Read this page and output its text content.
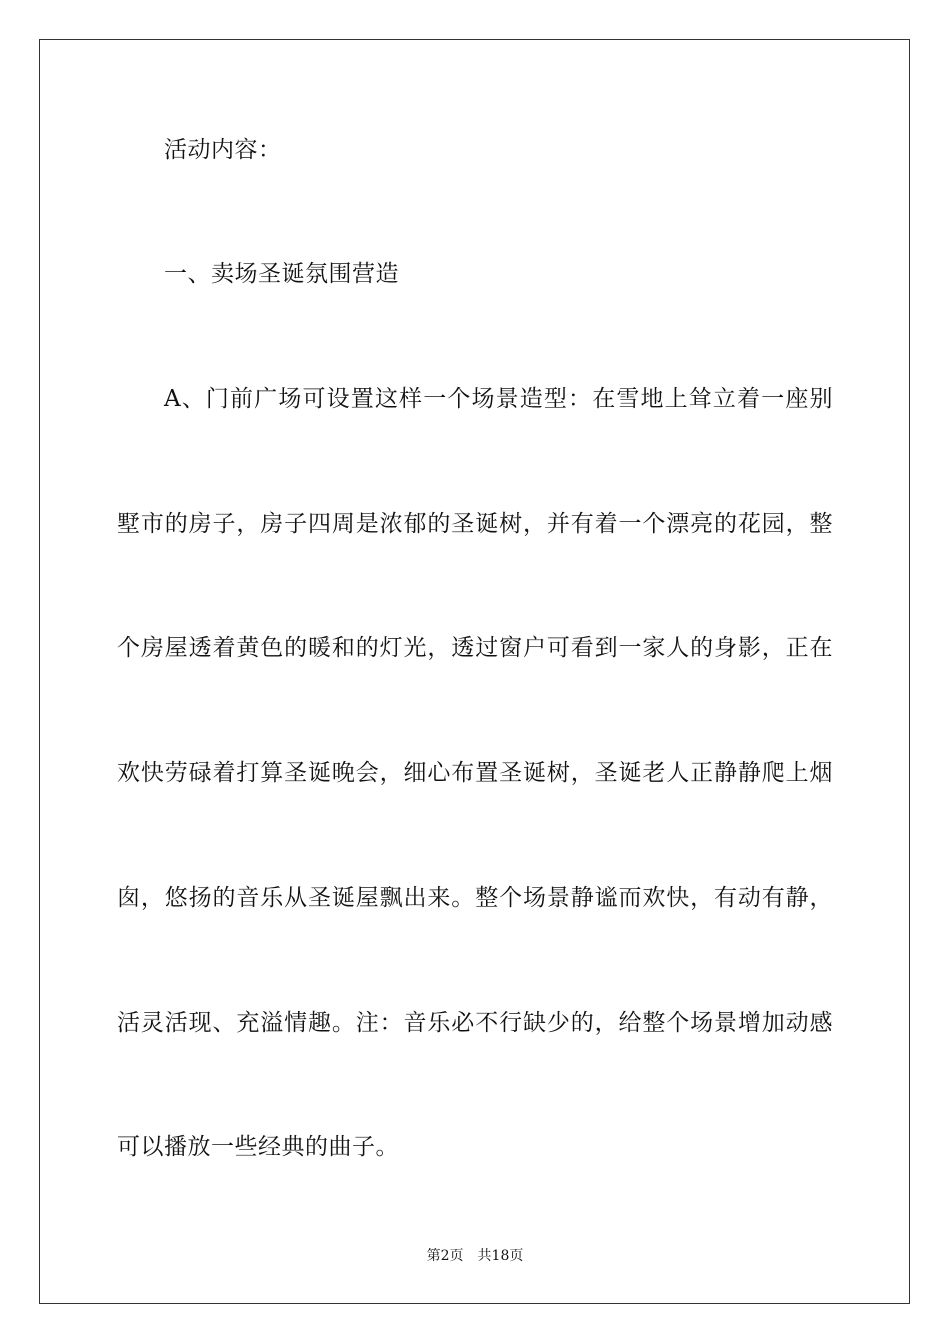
活动内容：
一、卖场圣诞氛围营造
A、门前广场可设置这样一个场景造型：在雪地上耸立着一座别
墅市的房子，房子四周是浓郁的圣诞树，并有着一个漂亮的花园，整
个房屋透着黄色的暖和的灯光，透过窗户可看到一家人的身影，正在
欢快劳碌着打算圣诞晚会，细心布置圣诞树，圣诞老人正静静爬上烟
囱，悠扬的音乐从圣诞屋飘出来。整个场景静谧而欢快，有动有静，
活灵活现、充溢情趣。注：音乐必不行缺少的，给整个场景增加动感
可以播放一些经典的曲子。
第2页 共18页
